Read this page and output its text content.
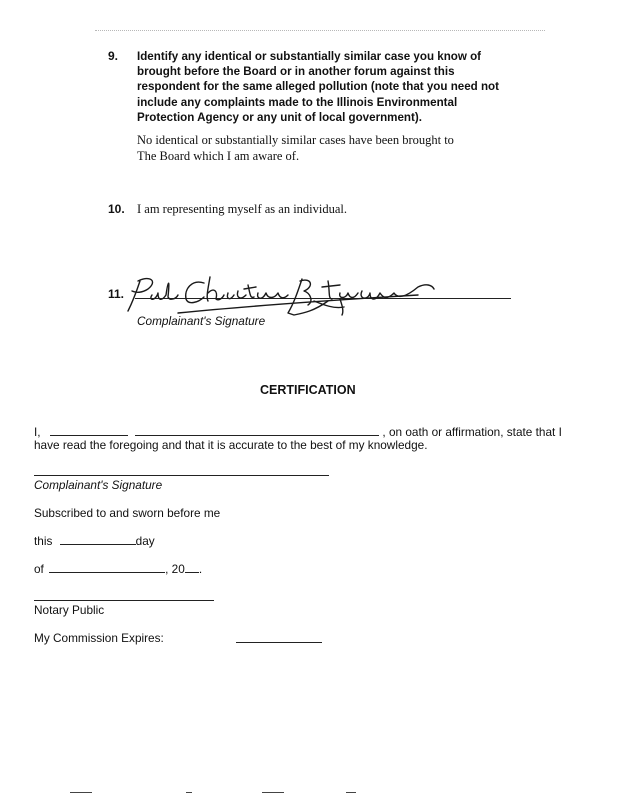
9. Identify any identical or substantially similar case you know of brought before the Board or in another forum against this respondent for the same alleged pollution (note that you need not include any complaints made to the Illinois Environmental Protection Agency or any unit of local government).
No identical or substantially similar cases have been brought to
The Board which I am aware of.
10. I am representing myself as an individual.
11.
Complainant's Signature
CERTIFICATION
I,	, on oath or affirmation, state that I
have read the foregoing and that it is accurate to the best of my knowledge.
Complainant's Signature
Subscribed to and sworn before me
this	day
of	, 20 .
Notary Public
My Commission Expires:
